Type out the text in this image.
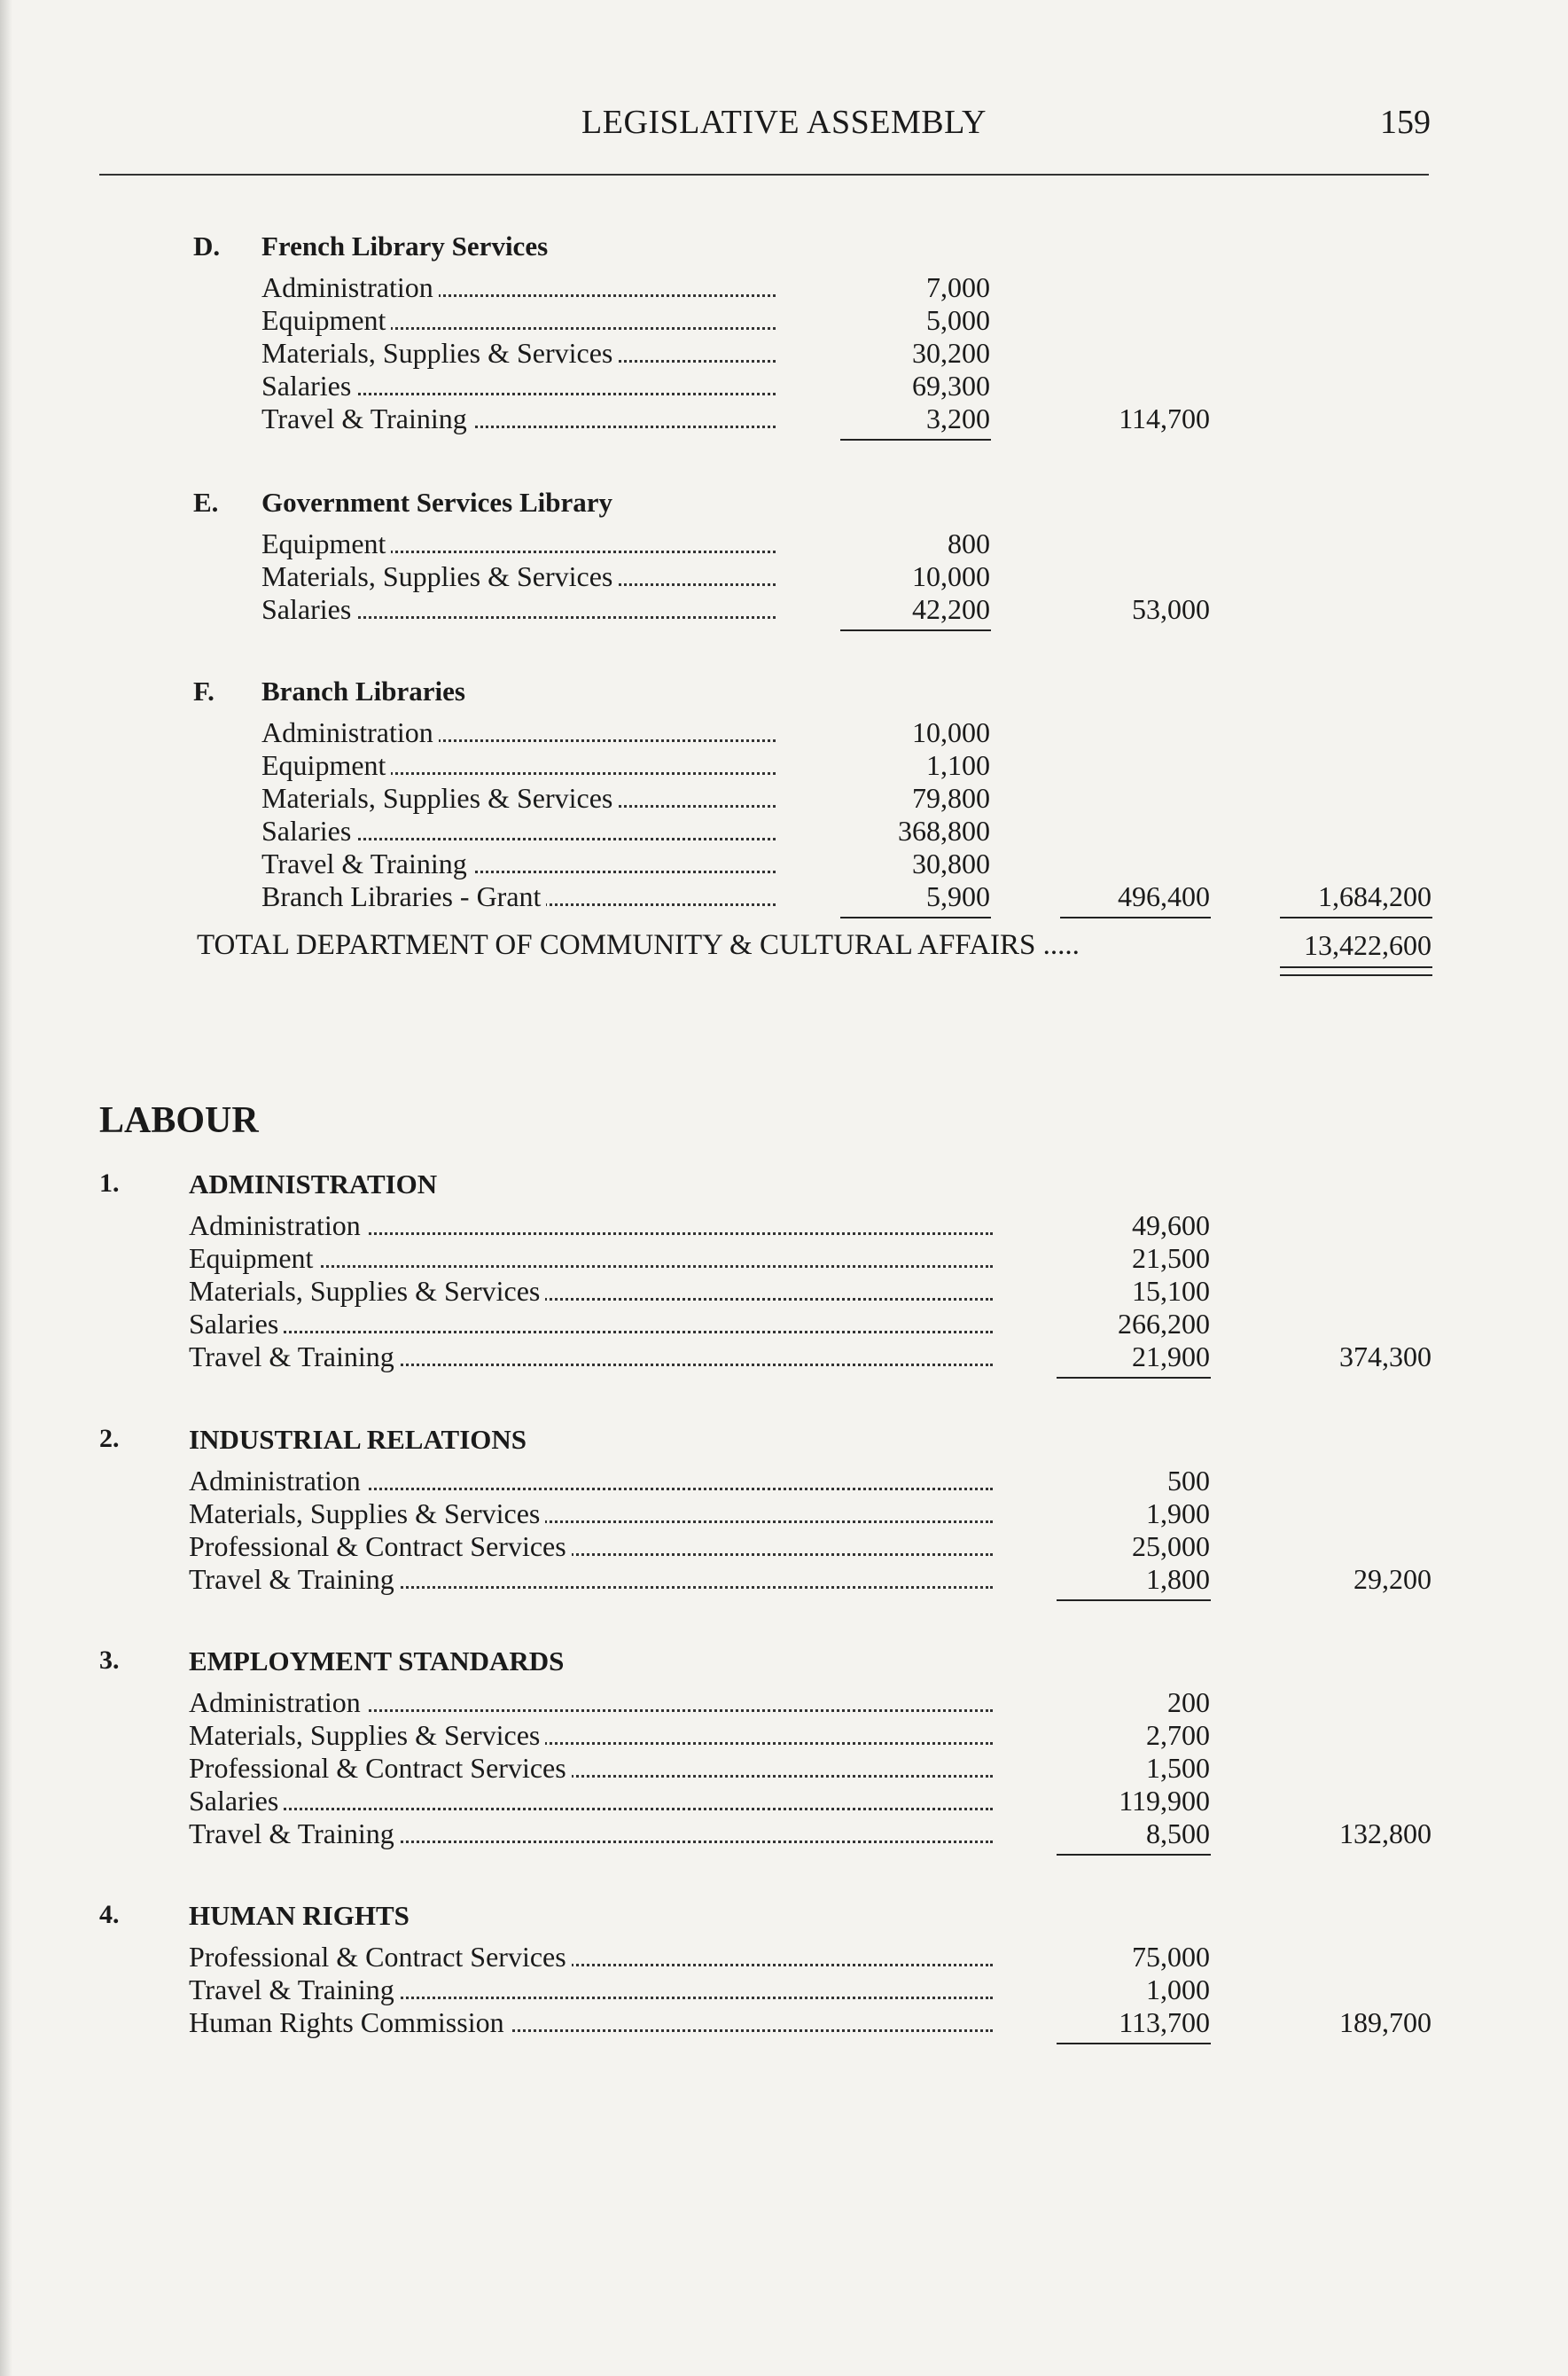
LEGISLATIVE ASSEMBLY	159
D. French Library Services
Administration	7,000
Equipment	5,000
Materials, Supplies & Services	30,200
Salaries	69,300
Travel & Training	3,200	114,700
E. Government Services Library
Equipment	800
Materials, Supplies & Services	10,000
Salaries	42,200	53,000
F. Branch Libraries
Administration	10,000
Equipment	1,100
Materials, Supplies & Services	79,800
Salaries	368,800
Travel & Training	30,800
Branch Libraries - Grant	5,900	496,400	1,684,200
TOTAL DEPARTMENT OF COMMUNITY & CULTURAL AFFAIRS .....	13,422,600
LABOUR
1.	ADMINISTRATION
Administration	49,600
Equipment	21,500
Materials, Supplies & Services	15,100
Salaries	266,200
Travel & Training	21,900	374,300
2.	INDUSTRIAL RELATIONS
Administration	500
Materials, Supplies & Services	1,900
Professional & Contract Services	25,000
Travel & Training	1,800	29,200
3.	EMPLOYMENT STANDARDS
Administration	200
Materials, Supplies & Services	2,700
Professional & Contract Services	1,500
Salaries	119,900
Travel & Training	8,500	132,800
4.	HUMAN RIGHTS
Professional & Contract Services	75,000
Travel & Training	1,000
Human Rights Commission	113,700	189,700
